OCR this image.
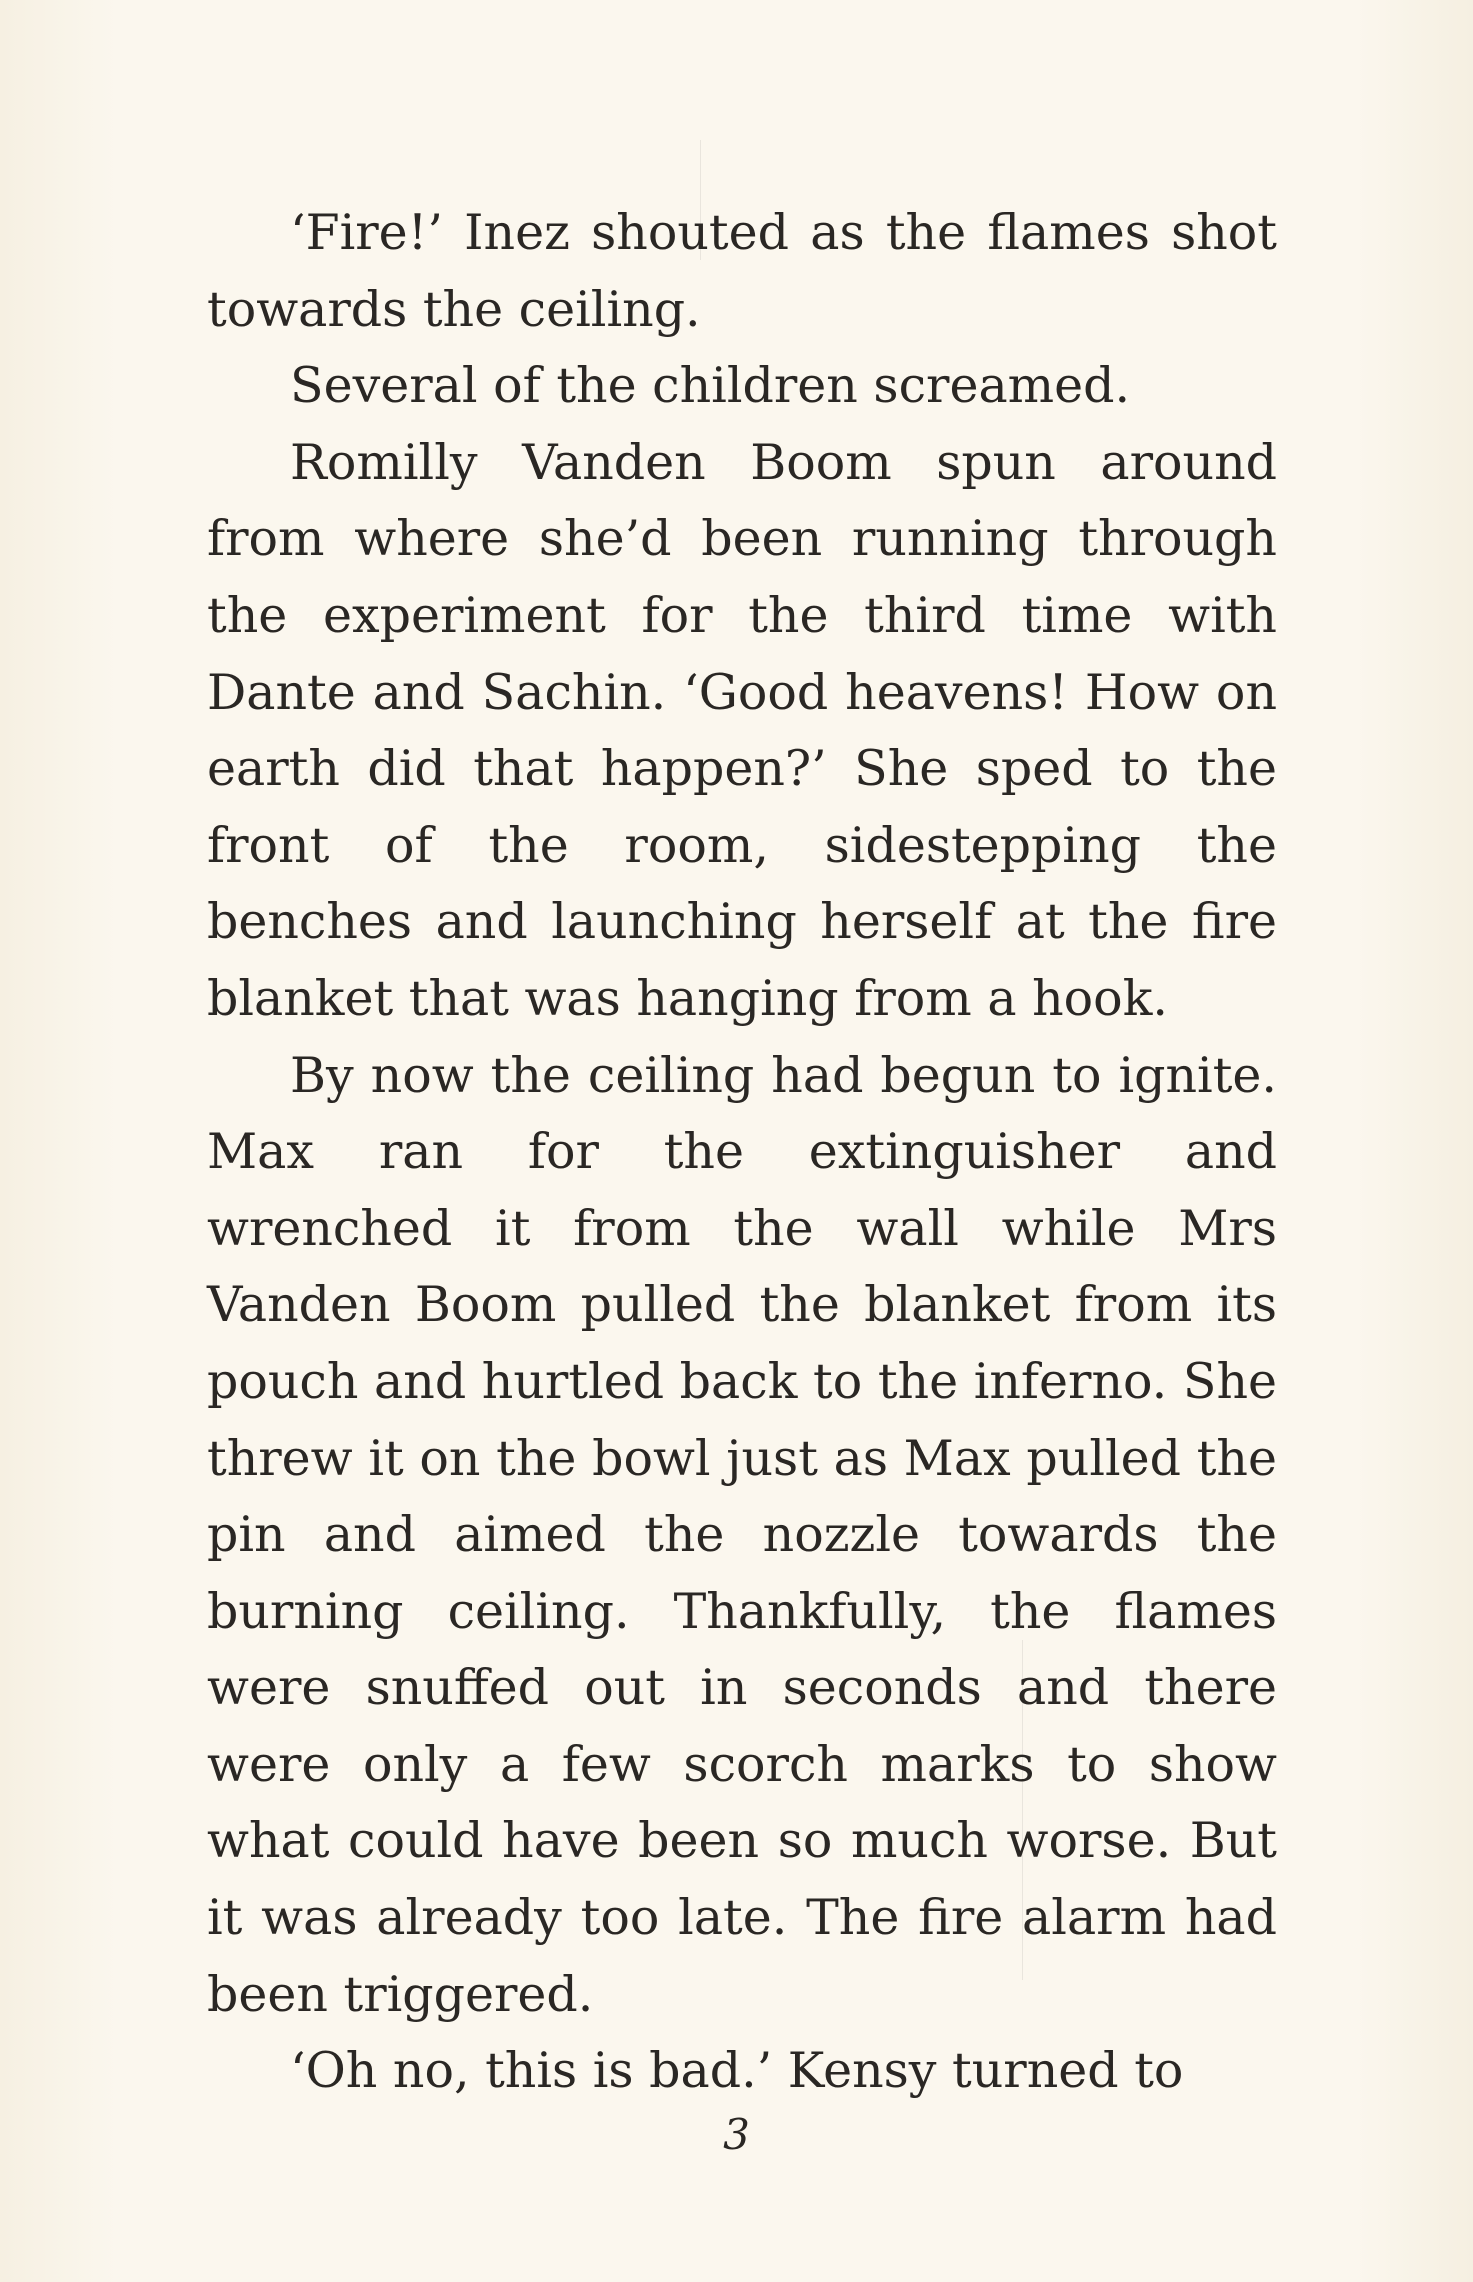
‘Fire!’ Inez shouted as the flames shot towards the ceiling.

Several of the children screamed.

Romilly Vanden Boom spun around from where she’d been running through the experiment for the third time with Dante and Sachin. ‘Good heavens! How on earth did that happen?’ She sped to the front of the room, sidestepping the benches and launching herself at the fire blanket that was hanging from a hook.

By now the ceiling had begun to ignite. Max ran for the extinguisher and wrenched it from the wall while Mrs Vanden Boom pulled the blanket from its pouch and hurtled back to the inferno. She threw it on the bowl just as Max pulled the pin and aimed the nozzle towards the burning ceiling. Thankfully, the flames were snuffed out in seconds and there were only a few scorch marks to show what could have been so much worse. But it was already too late. The fire alarm had been triggered.

‘Oh no, this is bad.’ Kensy turned to

3
